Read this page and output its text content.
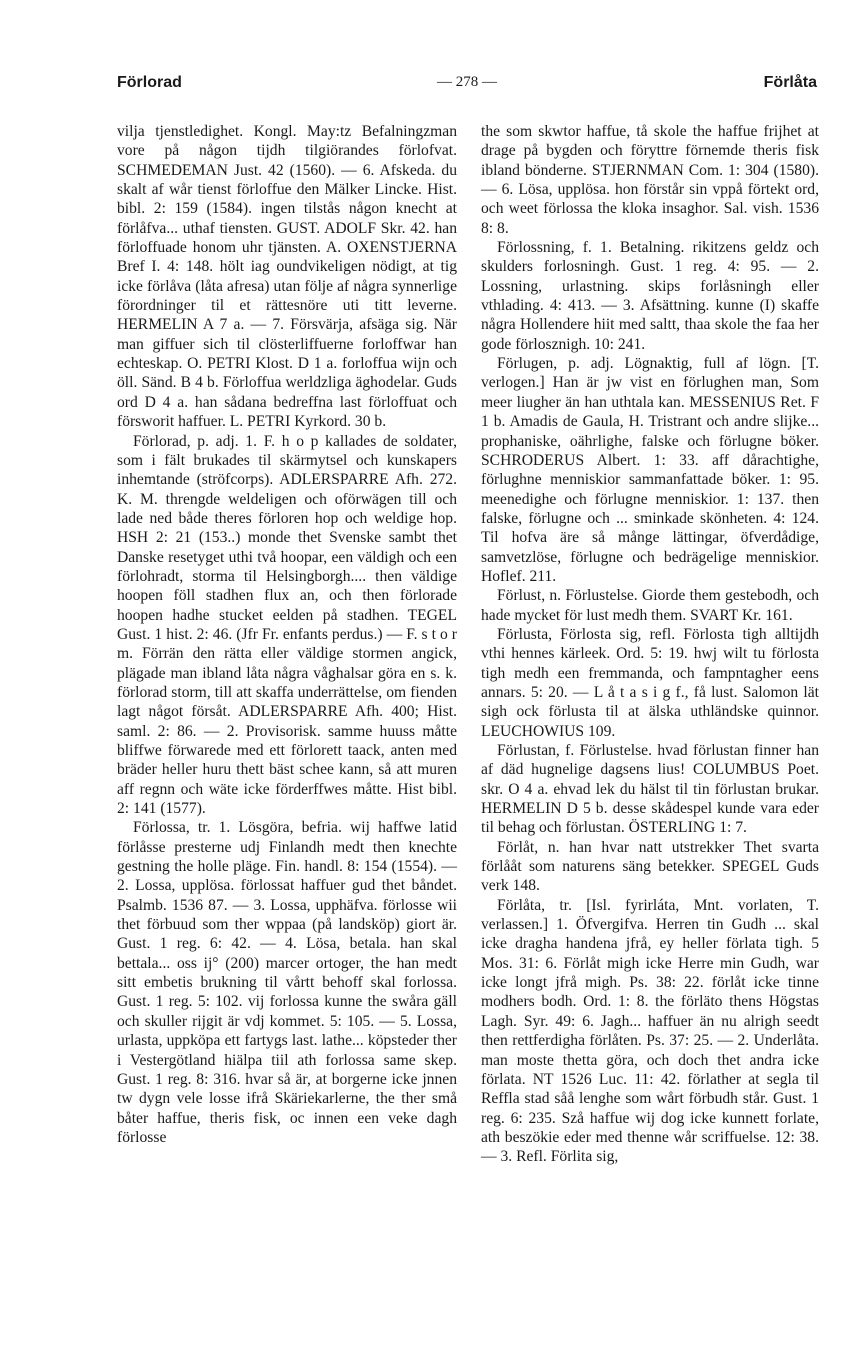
Förlorad	— 278 —	Förlåta

vilja tjenstledighet. Kongl. May:tz Befalningzman vore på någon tijdh tilgiörandes förlofvat. SCHMEDEMAN Just. 42 (1560). — 6. Afskeda. du skalt af wår tienst förloffue den Mälker Lincke. Hist. bibl. 2: 159 (1584). ingen tilstås någon knecht at förlåfva... uthaf tiensten. GUST. ADOLF Skr. 42. han förloffuade honom uhr tjänsten. A. OXENSTJERNA Bref I. 4: 148. hölt iag oundvikeligen nödigt, at tig icke förlåva (låta afresa) utan följe af några synnerlige förordninger til et rättesnöre uti titt leverne. HERMELIN A 7 a. — 7. Försvärja, afsäga sig. När man giffuer sich til clösterliffuerne forloffwar han echteskap. O. PETRI Klost. D 1 a. forloffua wijn och öll. Sänd. B 4 b. Förloffua werldzliga äghodelar. Guds ord D 4 a. han sådana bedreffna last förloffuat och försworit haffuer. L. PETRI Kyrkord. 30 b.

Förlorad, p. adj. 1. F. h o p kallades de soldater, som i fält brukades til skärmytsel och kunskapers inhemtande (ströfcorps). ADLERSPARRE Afh. 272. K. M. threngde weldeligen och oförwägen till och lade ned både theres förloren hop och weldige hop. HSH 2: 21 (153..) monde thet Svenske sambt thet Danske resetyget uthi två hoopar, een väldigh och een förlohradt, storma til Helsingborgh.... then väldige hoopen föll stadhen flux an, och then förlorade hoopen hadhe stucket eelden på stadhen. TEGEL Gust. 1 hist. 2: 46. (Jfr Fr. enfants perdus.) — F. s t o r m. Förrän den rätta eller väldige stormen angick, plägade man ibland låta några våghalsar göra en s. k. förlorad storm, till att skaffa underrättelse, om fienden lagt något försåt. ADLERSPARRE Afh. 400; Hist. saml. 2: 86. — 2. Provisorisk. samme huuss måtte bliffwe förwarede med ett förlorett taack, anten med bräder heller huru thett bäst schee kann, så att muren aff regnn och wäte icke förderffwes måtte. Hist bibl. 2: 141 (1577).

Förlossa, tr. 1. Lösgöra, befria. wij haffwe latid förlåsse presterne udj Finlandh medt then knechte gestning the holle pläge. Fin. handl. 8: 154 (1554). — 2. Lossa, upplösa. förlossat haffuer gud thet båndet. Psalmb. 1536 87. — 3. Lossa, upphäfva. förlosse wii thet förbuud som ther wppaa (på landsköp) giort är. Gust. 1 reg. 6: 42. — 4. Lösa, betala. han skal bettala... oss ij° (200) marcer ortoger, the han medt sitt embetis brukning til vårtt behoff skal forlossa. Gust. 1 reg. 5: 102. vij forlossa kunne the swåra gäll och skuller rijgit är vdj kommet. 5: 105. — 5. Lossa, urlasta, uppköpa ett fartygs last. lathe... köpsteder ther i Vestergötland hiälpa tiil ath forlossa same skep. Gust. 1 reg. 8: 316. hvar så är, at borgerne icke jnnen tw dygn vele losse ifrå Skäriekarlerne, the ther små båter haffue, theris fisk, oc innen een veke dagh förlosse

the som skwtor haffue, tå skole the haffue frijhet at drage på bygden och föryttre förnemde theris fisk ibland bönderne. STJERNMAN Com. 1: 304 (1580). — 6. Lösa, upplösa. hon förstår sin vppå förtekt ord, och weet förlossa the kloka insaghor. Sal. vish. 1536 8: 8.

Förlossning, f. 1. Betalning. rikitzens geldz och skulders forlosningh. Gust. 1 reg. 4: 95. — 2. Lossning, urlastning. skips forlåsningh eller vthlading. 4: 413. — 3. Afsättning. kunne (I) skaffe några Hollendere hiit med saltt, thaa skole the faa her gode förlosznigh. 10: 241.

Förlugen, p. adj. Lögnaktig, full af lögn. [T. verlogen.] Han är jw vist en förlughen man, Som meer liugher än han uthtala kan. MESSENIUS Ret. F 1 b. Amadis de Gaula, H. Tristrant och andre slijke... prophaniske, oährlighe, falske och förlugne böker. SCHRODERUS Albert. 1: 33. aff dårachtighe, förlughne menniskior sammanfattade böker. 1: 95. meenedighe och förlugne menniskior. 1: 137. then falske, förlugne och ... sminkade skönheten. 4: 124. Til hofva äre så månge lättingar, öfverdådige, samvetzlöse, förlugne och bedrägelige menniskior. Hoflef. 211.

Förlust, n. Förlustelse. Giorde them gestebodh, och hade mycket för lust medh them. SVART Kr. 161.

Förlusta, Förlosta sig, refl. Förlosta tigh alltijdh vthi hennes kärleek. Ord. 5: 19. hwj wilt tu förlosta tigh medh een fremmanda, och fampntagher eens annars. 5: 20. — L å t a s i g f., få lust. Salomon lät sigh ock förlusta til at älska uthländske quinnor. LEUCHOWIUS 109.

Förlustan, f. Förlustelse. hvad förlustan finner han af däd hugnelige dagsens lius! COLUMBUS Poet. skr. O 4 a. ehvad lek du hälst til tin förlustan brukar. HERMELIN D 5 b. desse skådespel kunde vara eder til behag och förlustan. ÖSTERLING 1: 7.

Förlåt, n. han hvar natt utstrekker Thet svarta förlååt som naturens säng betekker. SPEGEL Guds verk 148.

Förlåta, tr. [Isl. fyrirláta, Mnt. vorlaten, T. verlassen.] 1. Öfvergifva. Herren tin Gudh ... skal icke dragha handena jfrå, ey heller förlata tigh. 5 Mos. 31: 6. Förlåt migh icke Herre min Gudh, war icke longt jfrå migh. Ps. 38: 22. förlåt icke tinne modhers bodh. Ord. 1: 8. the förläto thens Högstas Lagh. Syr. 49: 6. Jagh... haffuer än nu alrigh seedt then rettferdigha förlåten. Ps. 37: 25. — 2. Underlåta. man moste thetta göra, och doch thet andra icke förlata. NT 1526 Luc. 11: 42. förlather at segla til Reffla stad såå lenghe som wårt förbudh står. Gust. 1 reg. 6: 235. Szå haffue wij dog icke kunnett forlate, ath beszökie eder med thenne wår scriffuelse. 12: 38. — 3. Refl. Förlita sig,
